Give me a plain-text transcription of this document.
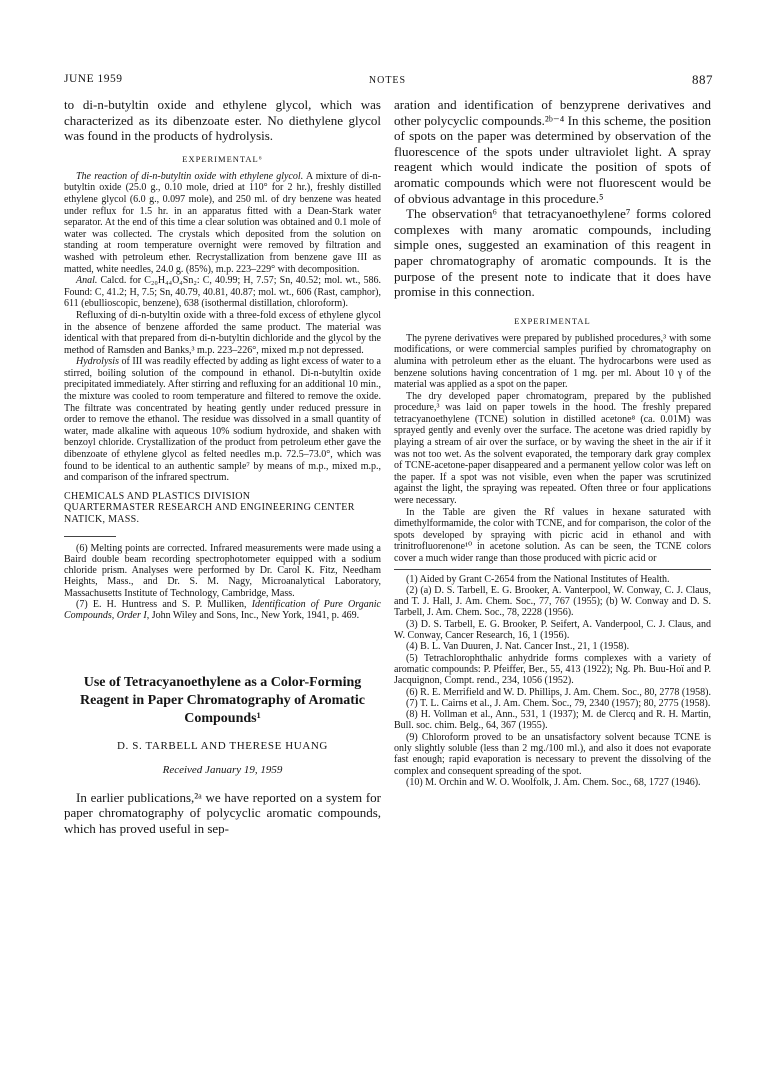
JUNE 1959	NOTES	887

to di-n-butyltin oxide and ethylene glycol, which was characterized as its dibenzoate ester. No diethylene glycol was found in the products of hydrolysis.

EXPERIMENTAL⁶

The reaction of di-n-butyltin oxide with ethylene glycol. A mixture of di-n-butyltin oxide (25.0 g., 0.10 mole, dried at 110° for 2 hr.), freshly distilled ethylene glycol (6.0 g., 0.097 mole), and 250 ml. of dry benzene was heated under reflux for 1.5 hr. in an apparatus fitted with a Dean-Stark water separator. At the end of this time a clear solution was obtained and 0.1 mole of water was collected. The crystals which deposited from the solution on standing at room temperature overnight were removed by filtration and washed with petroleum ether. Recrystallization from benzene gave III as matted, white needles, 24.0 g. (85%), m.p. 223–229° with decomposition.

Anal. Calcd. for C₂₀H₄₄O₄Sn₂: C, 40.99; H, 7.57; Sn, 40.52; mol. wt., 586. Found: C, 41.2; H, 7.5; Sn, 40.79, 40.81, 40.87; mol. wt., 606 (Rast, camphor), 611 (ebullioscopic, benzene), 638 (isothermal distillation, chloroform).

Refluxing of di-n-butyltin oxide with a three-fold excess of ethylene glycol in the absence of benzene afforded the same product. The material was identical with that prepared from di-n-butyltin dichloride and the glycol by the method of Ramsden and Banks,³ m.p. 223–226°, mixed m.p not depressed.

Hydrolysis of III was readily effected by adding as light excess of water to a stirred, boiling solution of the compound in ethanol. Di-n-butyltin oxide precipitated immediately. After stirring and refluxing for an additional 10 min., the mixture was cooled to room temperature and filtered to remove the oxide. The filtrate was concentrated by heating gently under reduced pressure in order to remove the ethanol. The residue was dissolved in a small quantity of water, made alkaline with aqueous 10% sodium hydroxide, and shaken with benzoyl chloride. Crystallization of the product from petroleum ether gave the dibenzoate of ethylene glycol as felted needles m.p. 72.5–73.0°, which was found to be identical to an authentic sample⁷ by means of m.p., mixed m.p., and comparison of the infrared spectrum.

CHEMICALS AND PLASTICS DIVISION
QUARTERMASTER RESEARCH AND ENGINEERING CENTER
NATICK, MASS.

(6) Melting points are corrected. Infrared measurements were made using a Baird double beam recording spectrophotometer equipped with a sodium chloride prism. Analyses were performed by Dr. Carol K. Fitz, Needham Heights, Mass., and Dr. S. M. Nagy, Microanalytical Laboratory, Massachusetts Institute of Technology, Cambridge, Mass.

(7) E. H. Huntress and S. P. Mulliken, Identification of Pure Organic Compounds, Order I, John Wiley and Sons, Inc., New York, 1941, p. 469.

Use of Tetracyanoethylene as a Color-Forming Reagent in Paper Chromatography of Aromatic Compounds¹
D. S. TARBELL AND THERESE HUANG
Received January 19, 1959

In earlier publications,²ᵃ we have reported on a system for paper chromatography of polycyclic aromatic compounds, which has proved useful in sep-

aration and identification of benzyprene derivatives and other polycyclic compounds.²ᵇ⁻⁴ In this scheme, the position of spots on the paper was determined by observation of the fluorescence of the spots under ultraviolet light. A spray reagent which would indicate the position of spots of aromatic compounds which were not fluorescent would be of obvious advantage in this procedure.⁵

The observation⁶ that tetracyanoethylene⁷ forms colored complexes with many aromatic compounds, including simple ones, suggested an examination of this reagent in paper chromatography of aromatic compounds. It is the purpose of the present note to indicate that it does have promise in this connection.

EXPERIMENTAL

The pyrene derivatives were prepared by published procedures,³ with some modifications, or were commercial samples purified by chromatography on alumina with petroleum ether as the eluant. The hydrocarbons were used as benzene solutions having concentration of 1 mg. per ml. About 10 γ of the material was applied as a spot on the paper.

The dry developed paper chromatogram, prepared by the published procedure,³ was laid on paper towels in the hood. The freshly prepared tetracyanoethylene (TCNE) solution in distilled acetone⁸ (ca. 0.01M) was sprayed gently and evenly over the surface. The acetone was dried rapidly by playing a stream of air over the surface, or by waving the sheet in the air if it was not too wet. As the solvent evaporated, the temporary dark gray complex of TCNE-acetone-paper disappeared and a permanent yellow color was left on the paper. If a spot was not visible, even when the paper was scrutinized against the light, the spraying was repeated. Often three or four applications were necessary.

In the Table are given the Rf values in hexane saturated with dimethylformamide, the color with TCNE, and for comparison, the color of the spots developed by spraying with picric acid in ethanol and with trinitrofluorenone¹⁰ in acetone solution. As can be seen, the TCNE colors cover a much wider range than those produced with picric acid or

(1) Aided by Grant C-2654 from the National Institutes of Health.

(2) (a) D. S. Tarbell, E. G. Brooker, A. Vanterpool, W. Conway, C. J. Claus, and T. J. Hall, J. Am. Chem. Soc., 77, 767 (1955); (b) W. Conway and D. S. Tarbell, J. Am. Chem. Soc., 78, 2228 (1956).

(3) D. S. Tarbell, E. G. Brooker, P. Seifert, A. Vanderpool, C. J. Claus, and W. Conway, Cancer Research, 16, 1 (1956).

(4) B. L. Van Duuren, J. Nat. Cancer Inst., 21, 1 (1958).

(5) Tetrachlorophthalic anhydride forms complexes with a variety of aromatic compounds: P. Pfeiffer, Ber., 55, 413 (1922); Ng. Ph. Buu-Hoï and P. Jacquignon, Compt. rend., 234, 1056 (1952).

(6) R. E. Merrifield and W. D. Phillips, J. Am. Chem. Soc., 80, 2778 (1958).

(7) T. L. Cairns et al., J. Am. Chem. Soc., 79, 2340 (1957); 80, 2775 (1958).

(8) H. Vollman et al., Ann., 531, 1 (1937); M. de Clercq and R. H. Martin, Bull. soc. chim. Belg., 64, 367 (1955).

(9) Chloroform proved to be an unsatisfactory solvent because TCNE is only slightly soluble (less than 2 mg./100 ml.), and also it does not evaporate fast enough; rapid evaporation is necessary to prevent the dissolving of the complex and consequent spreading of the spot.

(10) M. Orchin and W. O. Woolfolk, J. Am. Chem. Soc., 68, 1727 (1946).
